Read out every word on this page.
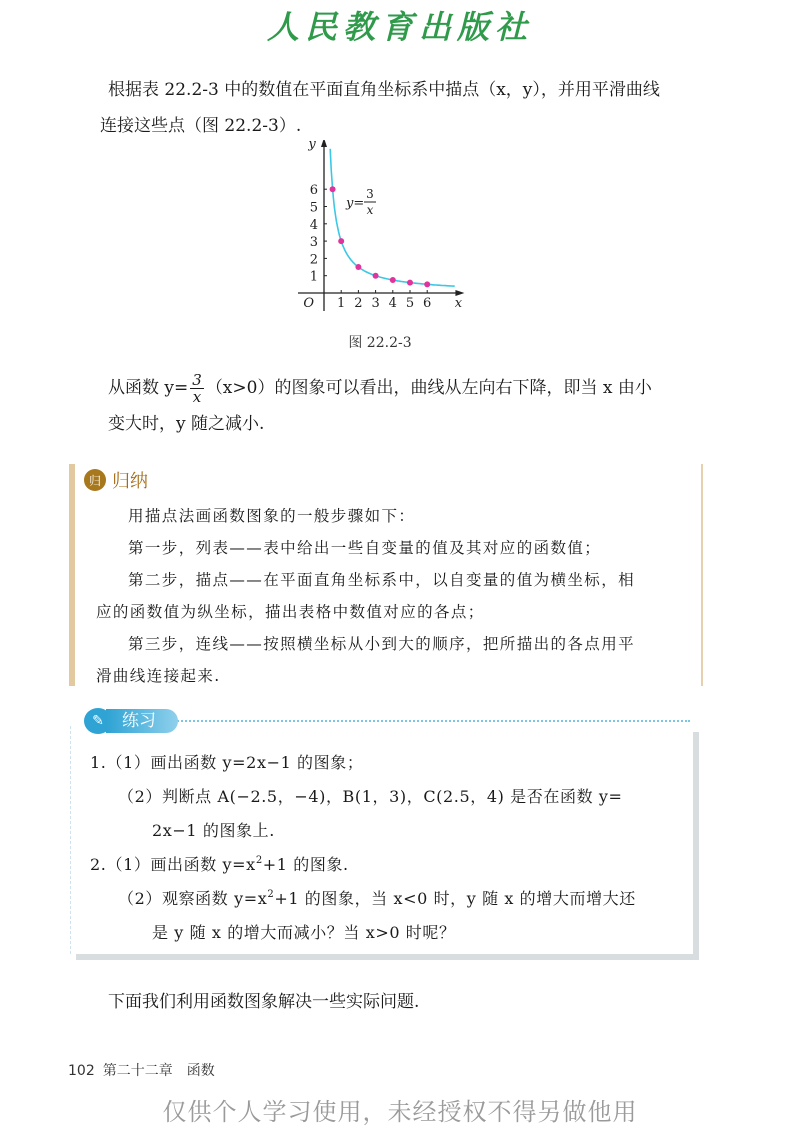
人民教育出版社
根据表 22.2-3 中的数值在平面直角坐标系中描点（x，y），并用平滑曲线
连接这些点（图 22.2-3）.
1 2 3 4 5 6
1
2
3
4
5
6
O	x
y
y=
3
x
图 22.2-3
从函数 $y= \frac{3}{x} (x>0)$的图象可以看出，曲线从左向右下降，即当 x 由小
变大时，y 随之减小.
归 归纳
用描点法画函数图象的一般步骤如下：
第一步，列表——表中给出一些自变量的值及其对应的函数值；
第二步，描点——在平面直角坐标系中，以自变量的值为横坐标，相
应的函数值为纵坐标，描出表格中数值对应的各点；
第三步，连线——按照横坐标从小到大的顺序，把所描出的各点用平
滑曲线连接起来.
✎	练习
1.（1）画出函数 y=2x−1 的图象；
（2）判断点 A(−2.5，−4)，B(1，3)，C(2.5，4) 是否在函数 y=
2x−1 的图象上.
2.（1）画出函数 $y=x^2+1$ 的图象.
（2）观察函数 $y=x^2+1$ 的图象，当 x<0 时，y 随 x 的增大而增大还
是 y 随 x 的增大而减小？当 x>0 时呢？
下面我们利用函数图象解决一些实际问题.
102 第二十二章　函数
仅供个人学习使用，未经授权不得另做他用
